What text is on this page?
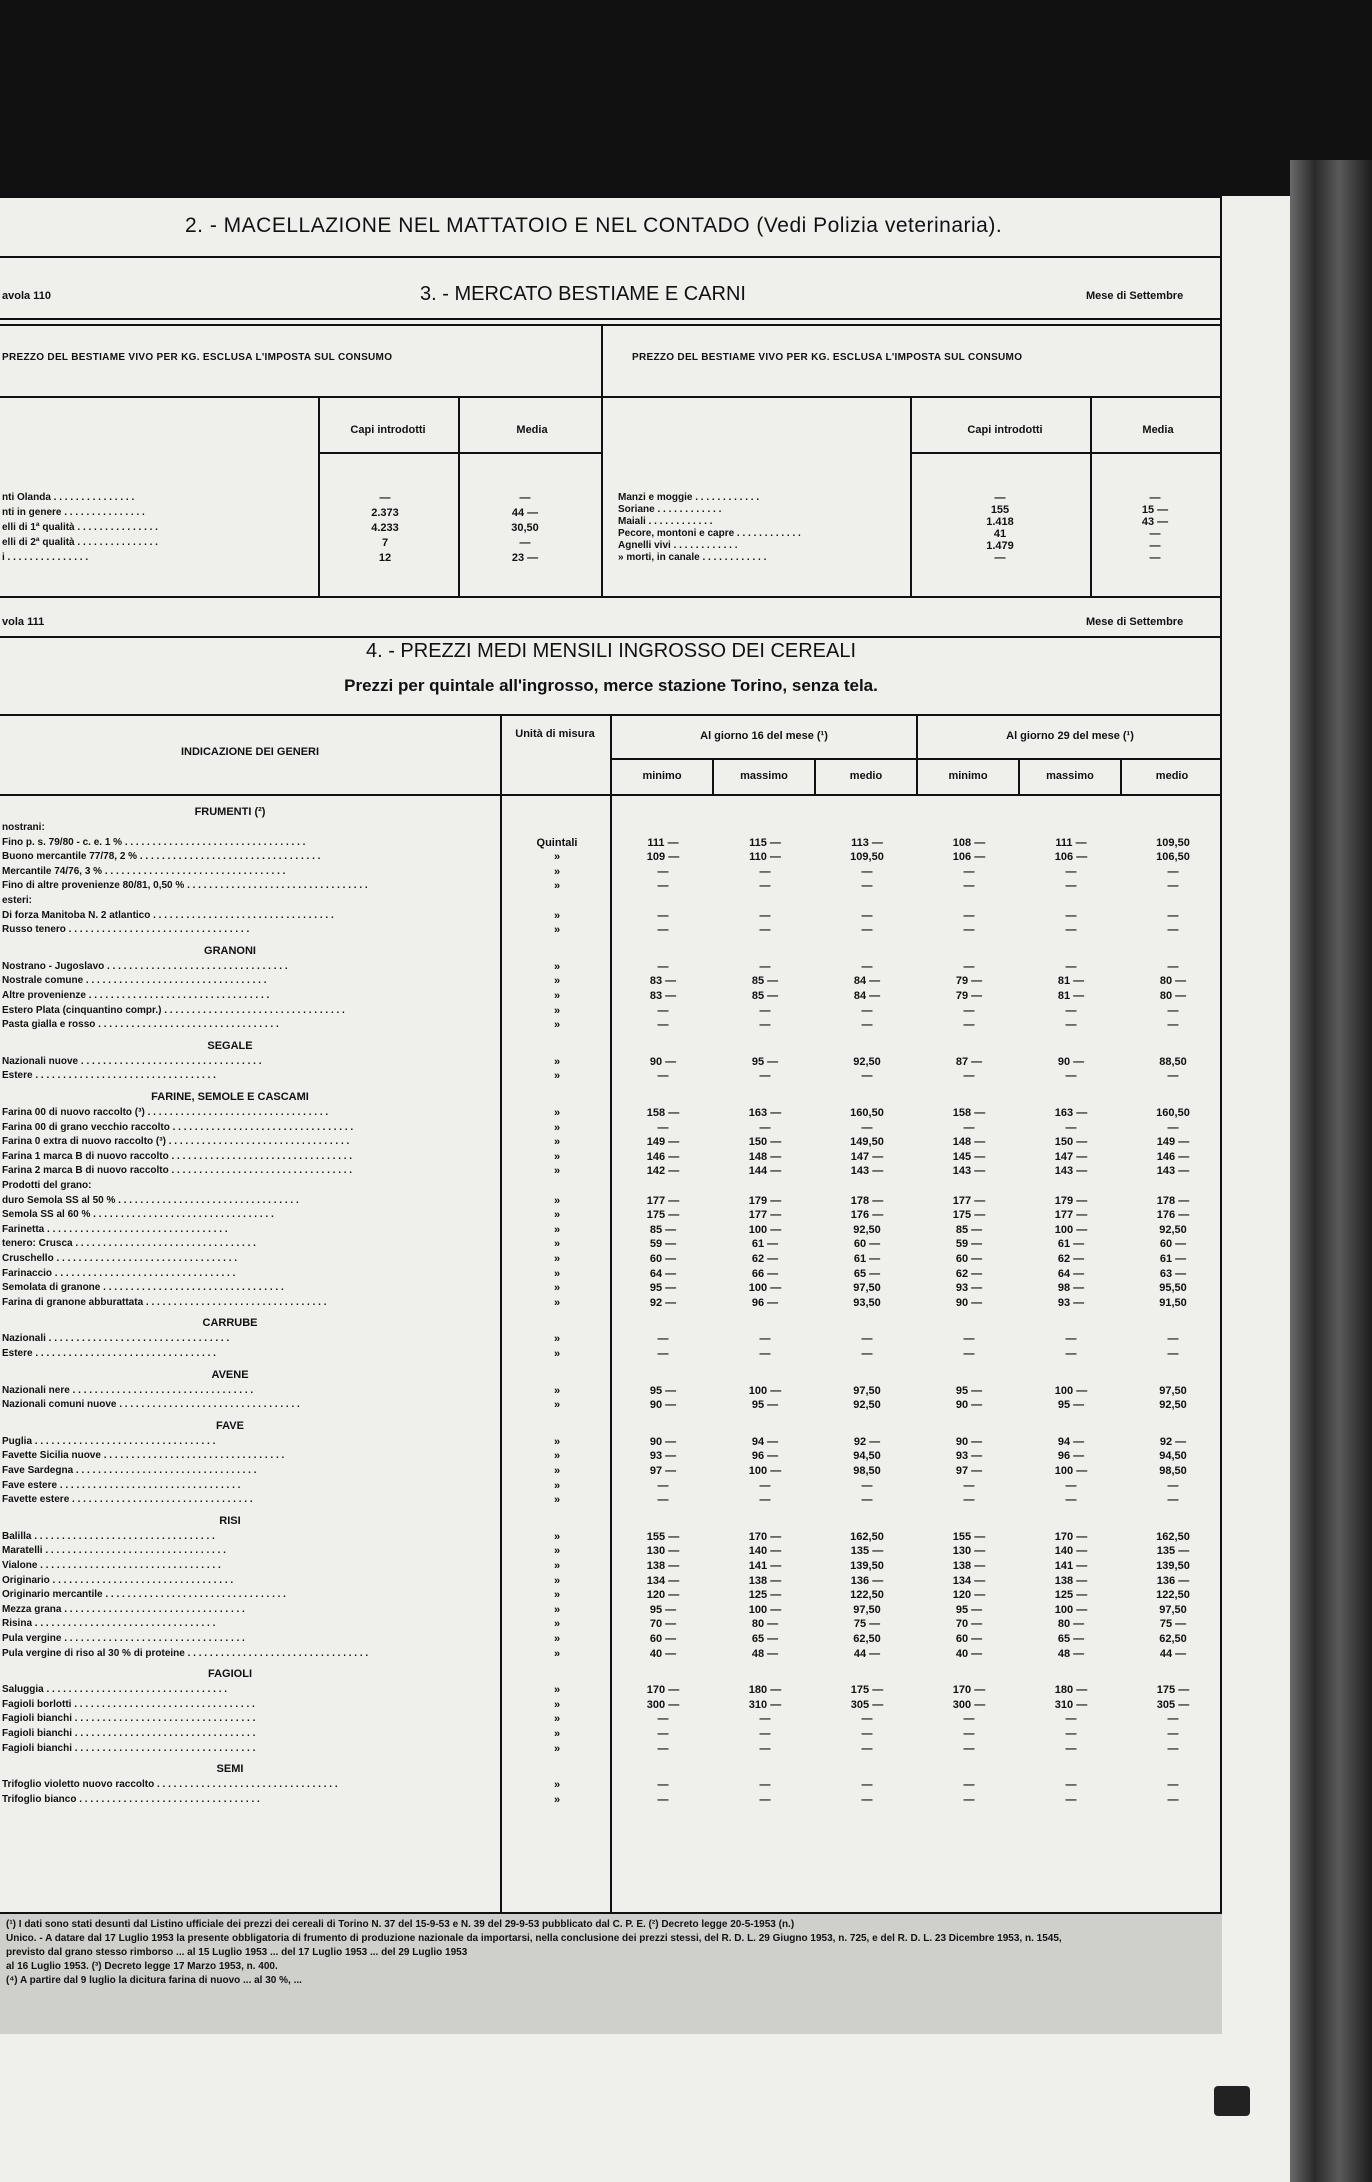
2. - MACELLAZIONE NEL MATTATOIO E NEL CONTADO (Vedi Polizia veterinaria).
avola 110	3. - MERCATO BESTIAME E CARNI	Mese di Settembre
PREZZO DEL BESTIAME VIVO PER KG. ESCLUSA L'IMPOSTA SUL CONSUMO	PREZZO DEL BESTIAME VIVO PER KG. ESCLUSA L'IMPOSTA SUL CONSUMO
Capi introdotti	Media	Capi introdotti	Media
nti Olanda . . . . . . . . . . . . . . .	—	—
nti in genere . . . . . . . . . . . . . . .	2.373	44 —
elli di 1ª qualità . . . . . . . . . . . . . . .	4.233	30,50
elli di 2ª qualità . . . . . . . . . . . . . . .	7	—
i . . . . . . . . . . . . . . .	12	23 —
Manzi e moggie . . . . . . . . . . . .	—	—
Soriane . . . . . . . . . . . .	155	15 —
Maiali . . . . . . . . . . . .	1.418	43 —
Pecore, montoni e capre . . . . . . . . . . . .	41	—
Agnelli vivi . . . . . . . . . . . .	1.479	—
» morti, in canale . . . . . . . . . . . .	—	—
vola 111	Mese di Settembre
4. - PREZZI MEDI MENSILI INGROSSO DEI CEREALI
Prezzi per quintale all'ingrosso, merce stazione Torino, senza tela.
INDICAZIONE DEI GENERI
Unità di misura	Al giorno 16 del mese (¹)	Al giorno 29 del mese (¹)
minimo	massimo	medio	minimo	massimo	medio
FRUMENTI (²)
nostrani:
Fino p. s. 79/80 - c. e. 1 % . . . . . . . . . . . . . . . . . . . . . . . . . . . . . . . . .	Quintali	111 —	115 —	113 —	108 —	111 —	109,50
Buono mercantile 77/78, 2 % . . . . . . . . . . . . . . . . . . . . . . . . . . . . . . . . .	»	109 —	110 —	109,50	106 —	106 —	106,50
Mercantile 74/76, 3 % . . . . . . . . . . . . . . . . . . . . . . . . . . . . . . . . .	»	—	—	—	—	—	—
Fino di altre provenienze 80/81, 0,50 % . . . . . . . . . . . . . . . . . . . . . . . . . . . . . . . . .	»	—	—	—	—	—	—
esteri:
Di forza Manitoba N. 2 atlantico . . . . . . . . . . . . . . . . . . . . . . . . . . . . . . . . .	»	—	—	—	—	—	—
Russo tenero . . . . . . . . . . . . . . . . . . . . . . . . . . . . . . . . .	»	—	—	—	—	—	—
GRANONI
Nostrano - Jugoslavo . . . . . . . . . . . . . . . . . . . . . . . . . . . . . . . . .	»	—	—	—	—	—	—
Nostrale comune . . . . . . . . . . . . . . . . . . . . . . . . . . . . . . . . .	»	83 —	85 —	84 —	79 —	81 —	80 —
Altre provenienze . . . . . . . . . . . . . . . . . . . . . . . . . . . . . . . . .	»	83 —	85 —	84 —	79 —	81 —	80 —
Estero Plata (cinquantino compr.) . . . . . . . . . . . . . . . . . . . . . . . . . . . . . . . . .	»	—	—	—	—	—	—
Pasta gialla e rosso . . . . . . . . . . . . . . . . . . . . . . . . . . . . . . . . .	»	—	—	—	—	—	—
SEGALE
Nazionali nuove . . . . . . . . . . . . . . . . . . . . . . . . . . . . . . . . .	»	90 —	95 —	92,50	87 —	90 —	88,50
Estere . . . . . . . . . . . . . . . . . . . . . . . . . . . . . . . . .	»	—	—	—	—	—	—
FARINE, SEMOLE E CASCAMI
Farina 00 di nuovo raccolto (³) . . . . . . . . . . . . . . . . . . . . . . . . . . . . . . . . .	»	158 —	163 —	160,50	158 —	163 —	160,50
Farina 00 di grano vecchio raccolto . . . . . . . . . . . . . . . . . . . . . . . . . . . . . . . . .	»	—	—	—	—	—	—
Farina 0 extra di nuovo raccolto (³) . . . . . . . . . . . . . . . . . . . . . . . . . . . . . . . . .	»	149 —	150 —	149,50	148 —	150 —	149 —
Farina 1 marca B di nuovo raccolto . . . . . . . . . . . . . . . . . . . . . . . . . . . . . . . . .	»	146 —	148 —	147 —	145 —	147 —	146 —
Farina 2 marca B di nuovo raccolto . . . . . . . . . . . . . . . . . . . . . . . . . . . . . . . . .	»	142 —	144 —	143 —	143 —	143 —	143 —
Prodotti del grano:
duro Semola SS al 50 % . . . . . . . . . . . . . . . . . . . . . . . . . . . . . . . . .	»	177 —	179 —	178 —	177 —	179 —	178 —
Semola SS al 60 % . . . . . . . . . . . . . . . . . . . . . . . . . . . . . . . . .	»	175 —	177 —	176 —	175 —	177 —	176 —
Farinetta . . . . . . . . . . . . . . . . . . . . . . . . . . . . . . . . .	»	85 —	100 —	92,50	85 —	100 —	92,50
tenero: Crusca . . . . . . . . . . . . . . . . . . . . . . . . . . . . . . . . .	»	59 —	61 —	60 —	59 —	61 —	60 —
Cruschello . . . . . . . . . . . . . . . . . . . . . . . . . . . . . . . . .	»	60 —	62 —	61 —	60 —	62 —	61 —
Farinaccio . . . . . . . . . . . . . . . . . . . . . . . . . . . . . . . . .	»	64 —	66 —	65 —	62 —	64 —	63 —
Semolata di granone . . . . . . . . . . . . . . . . . . . . . . . . . . . . . . . . .	»	95 —	100 —	97,50	93 —	98 —	95,50
Farina di granone abburattata . . . . . . . . . . . . . . . . . . . . . . . . . . . . . . . . .	»	92 —	96 —	93,50	90 —	93 —	91,50
CARRUBE
Nazionali . . . . . . . . . . . . . . . . . . . . . . . . . . . . . . . . .	»	—	—	—	—	—	—
Estere . . . . . . . . . . . . . . . . . . . . . . . . . . . . . . . . .	»	—	—	—	—	—	—
AVENE
Nazionali nere . . . . . . . . . . . . . . . . . . . . . . . . . . . . . . . . .	»	95 —	100 —	97,50	95 —	100 —	97,50
Nazionali comuni nuove . . . . . . . . . . . . . . . . . . . . . . . . . . . . . . . . .	»	90 —	95 —	92,50	90 —	95 —	92,50
FAVE
Puglia . . . . . . . . . . . . . . . . . . . . . . . . . . . . . . . . .	»	90 —	94 —	92 —	90 —	94 —	92 —
Favette Sicilia nuove . . . . . . . . . . . . . . . . . . . . . . . . . . . . . . . . .	»	93 —	96 —	94,50	93 —	96 —	94,50
Fave Sardegna . . . . . . . . . . . . . . . . . . . . . . . . . . . . . . . . .	»	97 —	100 —	98,50	97 —	100 —	98,50
Fave estere . . . . . . . . . . . . . . . . . . . . . . . . . . . . . . . . .	»	—	—	—	—	—	—
Favette estere . . . . . . . . . . . . . . . . . . . . . . . . . . . . . . . . .	»	—	—	—	—	—	—
RISI
Balilla . . . . . . . . . . . . . . . . . . . . . . . . . . . . . . . . .	»	155 —	170 —	162,50	155 —	170 —	162,50
Maratelli . . . . . . . . . . . . . . . . . . . . . . . . . . . . . . . . .	»	130 —	140 —	135 —	130 —	140 —	135 —
Vialone . . . . . . . . . . . . . . . . . . . . . . . . . . . . . . . . .	»	138 —	141 —	139,50	138 —	141 —	139,50
Originario . . . . . . . . . . . . . . . . . . . . . . . . . . . . . . . . .	»	134 —	138 —	136 —	134 —	138 —	136 —
Originario mercantile . . . . . . . . . . . . . . . . . . . . . . . . . . . . . . . . .	»	120 —	125 —	122,50	120 —	125 —	122,50
Mezza grana . . . . . . . . . . . . . . . . . . . . . . . . . . . . . . . . .	»	95 —	100 —	97,50	95 —	100 —	97,50
Risina . . . . . . . . . . . . . . . . . . . . . . . . . . . . . . . . .	»	70 —	80 —	75 —	70 —	80 —	75 —
Pula vergine . . . . . . . . . . . . . . . . . . . . . . . . . . . . . . . . .	»	60 —	65 —	62,50	60 —	65 —	62,50
Pula vergine di riso al 30 % di proteine . . . . . . . . . . . . . . . . . . . . . . . . . . . . . . . . .	»	40 —	48 —	44 —	40 —	48 —	44 —
FAGIOLI
Saluggia . . . . . . . . . . . . . . . . . . . . . . . . . . . . . . . . .	»	170 —	180 —	175 —	170 —	180 —	175 —
Fagioli borlotti . . . . . . . . . . . . . . . . . . . . . . . . . . . . . . . . .	»	300 —	310 —	305 —	300 —	310 —	305 —
Fagioli bianchi . . . . . . . . . . . . . . . . . . . . . . . . . . . . . . . . .	»	—	—	—	—	—	—
Fagioli bianchi . . . . . . . . . . . . . . . . . . . . . . . . . . . . . . . . .	»	—	—	—	—	—	—
Fagioli bianchi . . . . . . . . . . . . . . . . . . . . . . . . . . . . . . . . .	»	—	—	—	—	—	—
SEMI
Trifoglio violetto nuovo raccolto . . . . . . . . . . . . . . . . . . . . . . . . . . . . . . . . .	»	—	—	—	—	—	—
Trifoglio bianco . . . . . . . . . . . . . . . . . . . . . . . . . . . . . . . . .	»	—	—	—	—	—	—
(¹) I dati sono stati desunti dal Listino ufficiale dei prezzi dei cereali di Torino N. 37 del 15-9-53 e N. 39 del 29-9-53 pubblicato dal C. P. E. (²) Decreto legge 20-5-1953 (n.)
Unico. - A datare dal 17 Luglio 1953 la presente obbligatoria di frumento di produzione nazionale da importarsi, nella conclusione dei prezzi stessi, del R. D. L. 29 Giugno 1953, n. 725, e del R. D. L. 23 Dicembre 1953, n. 1545,
previsto dal grano stesso rimborso ... al 15 Luglio 1953 ... del 17 Luglio 1953 ... del 29 Luglio 1953
al 16 Luglio 1953. (³) Decreto legge 17 Marzo 1953, n. 400.
(⁴) A partire dal 9 luglio la dicitura farina di nuovo ... al 30 %, ...
